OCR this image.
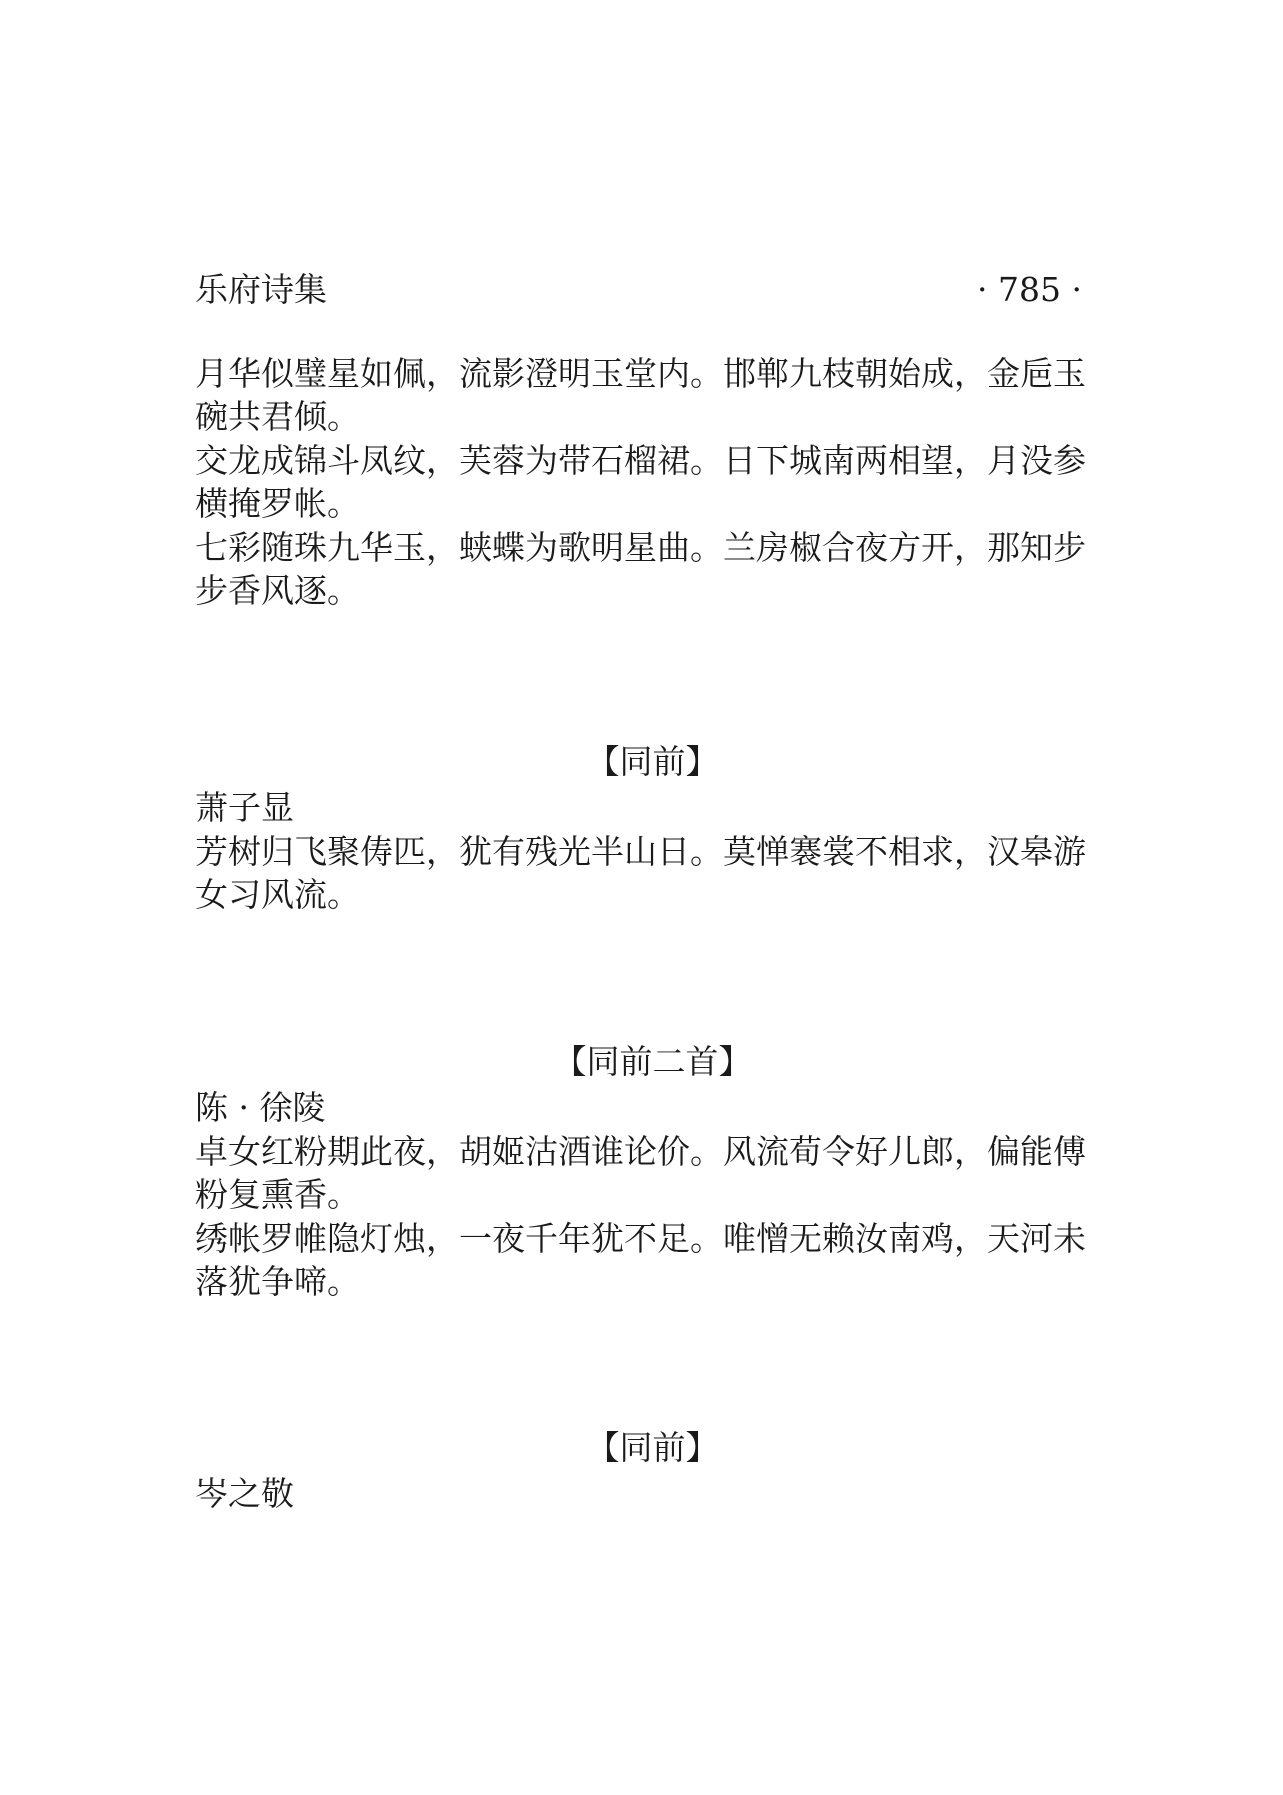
乐府诗集	· 785 ·

月华似璧星如佩，流影澄明玉堂内。邯郸九枝朝始成，金巵玉碗共君倾。

交龙成锦斗凤纹，芙蓉为带石榴裙。日下城南两相望，月没参横掩罗帐。

七彩随珠九华玉，蛱蝶为歌明星曲。兰房椒合夜方开，那知步步香风逐。

【同前】

萧子显

芳树归飞聚俦匹，犹有残光半山日。莫惮褰裳不相求，汉皋游女习风流。

【同前二首】

陈 · 徐陵

卓女红粉期此夜，胡姬沽酒谁论价。风流荀令好儿郎，偏能傅粉复熏香。

绣帐罗帷隐灯烛，一夜千年犹不足。唯憎无赖汝南鸡，天河未落犹争啼。

【同前】

岑之敬
